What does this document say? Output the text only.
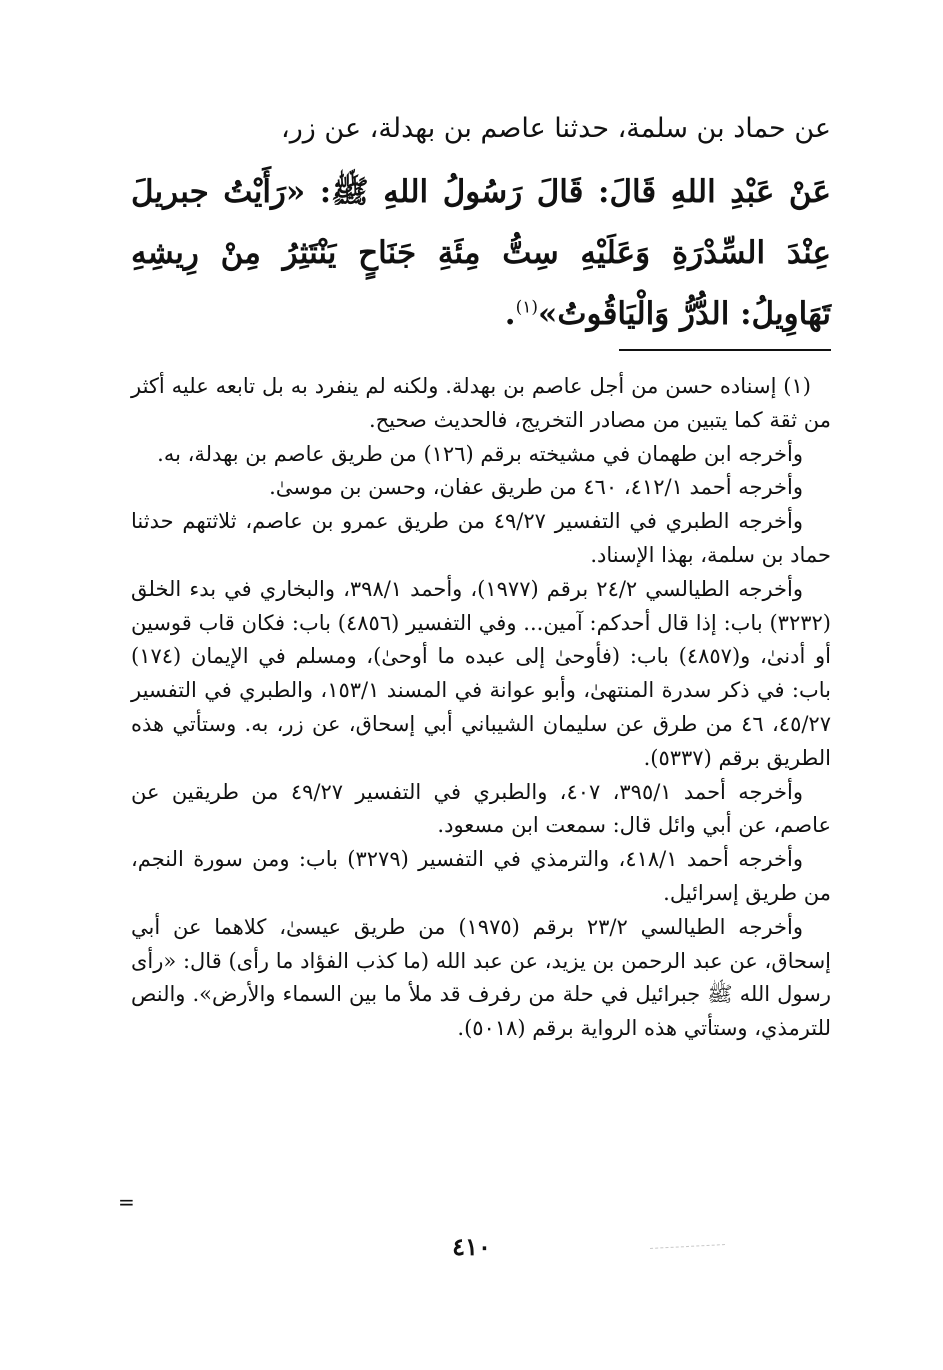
عن حماد بن سلمة، حدثنا عاصم بن بهدلة، عن زر،
عَنْ عَبْدِ اللهِ قَالَ: قَالَ رَسُولُ اللهِ ﷺ: «رَأَيْتُ جبريلَ عِنْدَ السِّدْرَةِ وَعَلَيْهِ سِتُّ مِئَةِ جَنَاحٍ يَنْتَثِرُ مِنْ رِيشِهِ تَهَاوِيلُ: الدُّرُّ وَالْيَاقُوتُ»$^{(١)}$.

(١) إسناده حسن من أجل عاصم بن بهدلة. ولكنه لم ينفرد به بل تابعه عليه أكثر من ثقة كما يتبين من مصادر التخريج، فالحديث صحيح.

وأخرجه ابن طهمان في مشيخته برقم (١٢٦) من طريق عاصم بن بهدلة، به.

وأخرجه أحمد ٤١٢/١، ٤٦٠ من طريق عفان، وحسن بن موسىٰ.

وأخرجه الطبري في التفسير ٤٩/٢٧ من طريق عمرو بن عاصم، ثلاثتهم حدثنا حماد بن سلمة، بهذا الإسناد.

وأخرجه الطيالسي ٢٤/٢ برقم (١٩٧٧)، وأحمد ٣٩٨/١، والبخاري في بدء الخلق (٣٢٣٢) باب: إذا قال أحدكم: آمين... وفي التفسير (٤٨٥٦) باب: فكان قاب قوسين أو أدنىٰ، و(٤٨٥٧) باب: (فأوحىٰ إلى عبده ما أوحىٰ)، ومسلم في الإيمان (١٧٤) باب: في ذكر سدرة المنتهىٰ، وأبو عوانة في المسند ١٥٣/١، والطبري في التفسير ٤٥/٢٧، ٤٦ من طرق عن سليمان الشيباني أبي إسحاق، عن زر، به. وستأتي هذه الطريق برقم (٥٣٣٧).

وأخرجه أحمد ٣٩٥/١، ٤٠٧، والطبري في التفسير ٤٩/٢٧ من طريقين عن عاصم، عن أبي وائل قال: سمعت ابن مسعود.

وأخرجه أحمد ٤١٨/١، والترمذي في التفسير (٣٢٧٩) باب: ومن سورة النجم، من طريق إسرائيل.

وأخرجه الطيالسي ٢٣/٢ برقم (١٩٧٥) من طريق عيسىٰ، كلاهما عن أبي إسحاق، عن عبد الرحمن بن يزيد، عن عبد الله (ما كذب الفؤاد ما رأى) قال: «رأى رسول الله ﷺ جبرائيل في حلة من رفرف قد ملأ ما بين السماء والأرض». والنص للترمذي، وستأتي هذه الرواية برقم (٥٠١٨).

=
٤١٠
